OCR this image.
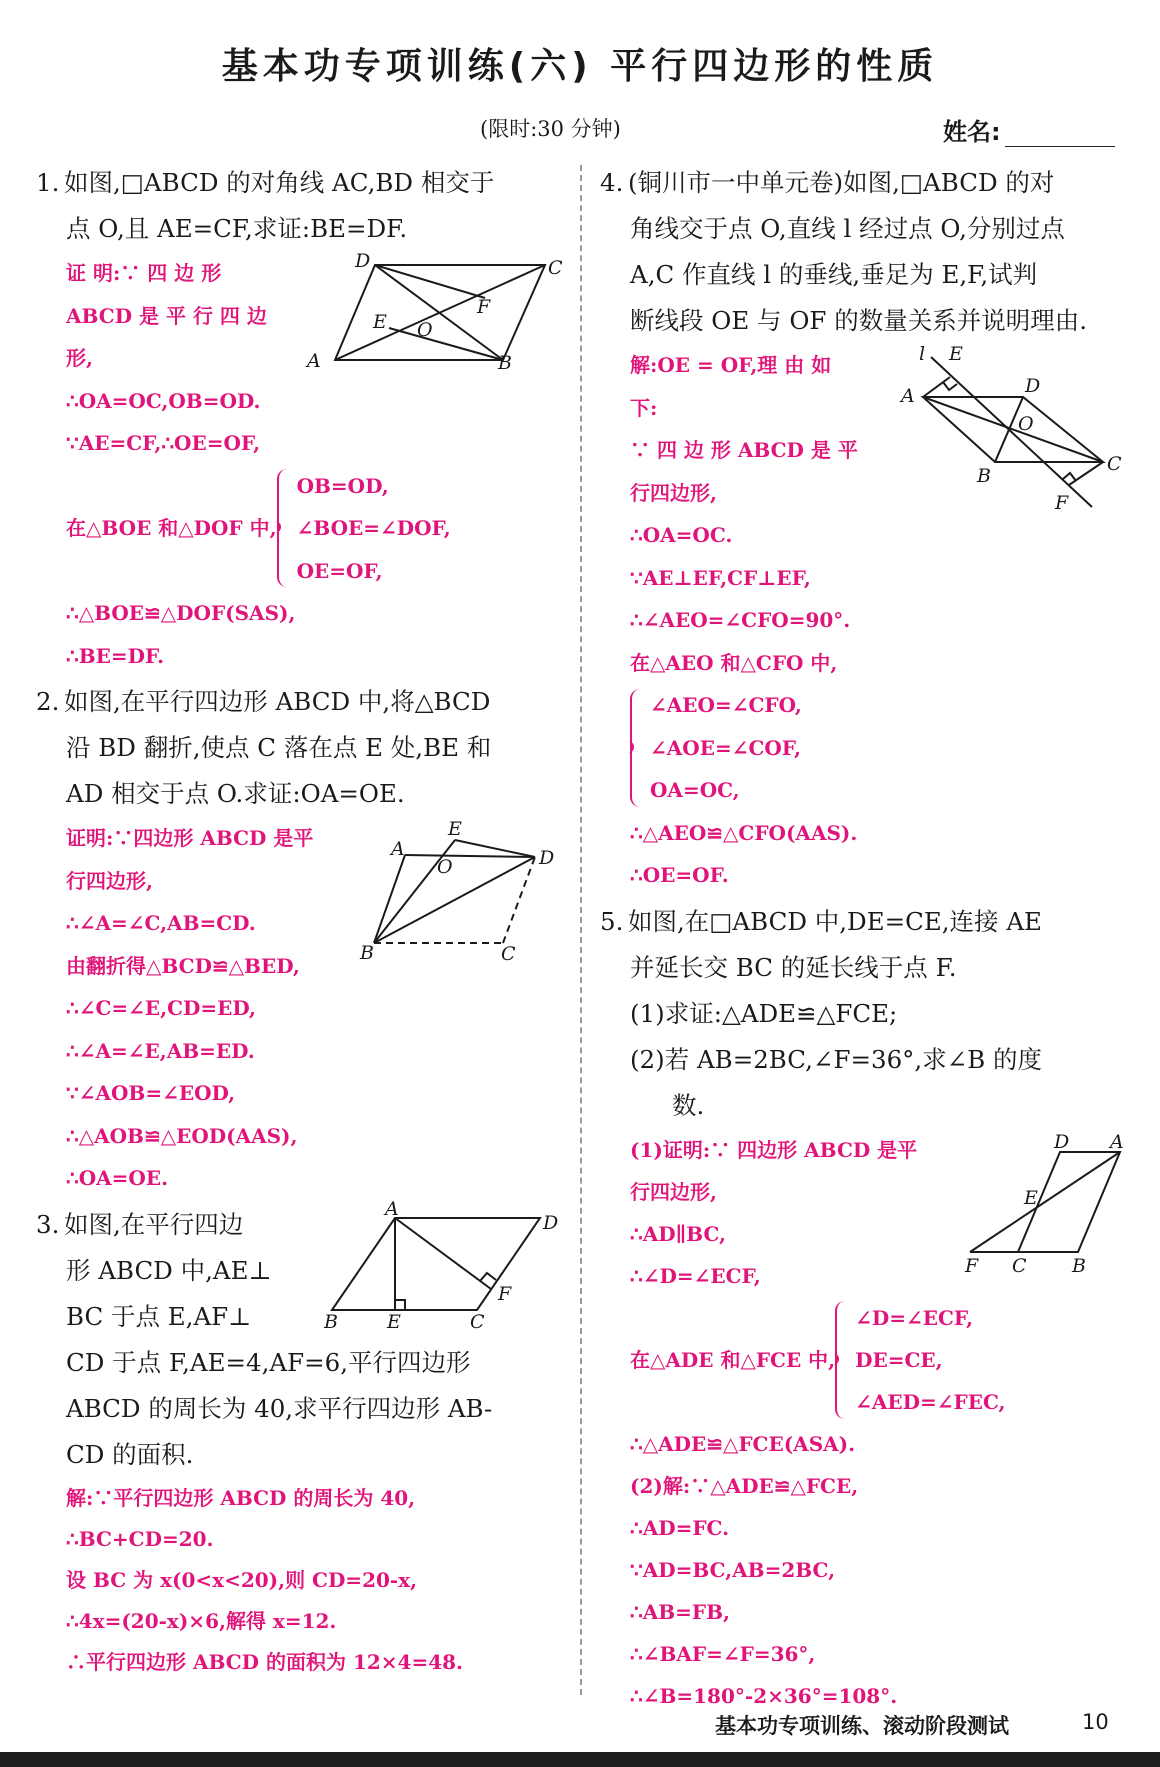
基本功专项训练(六) 平行四边形的性质
(限时:30 分钟)	姓名:
1. 如图,□ABCD 的对角线 AC,BD 相交于
点 O,且 AE=CF,求证:BE=DF.
证 明:∵ 四 边 形
ABCD 是 平 行 四 边
形,
∴OA=OC,OB=OD.
∵AE=CF,∴OE=OF,
在△BOE 和△DOF 中,
OB=OD,
∠BOE=∠DOF,
OE=OF,
∴△BOE≌△DOF(SAS),
∴BE=DF.
2. 如图,在平行四边形 ABCD 中,将△BCD
沿 BD 翻折,使点 C 落在点 E 处,BE 和
AD 相交于点 O.求证:OA=OE.
证明:∵四边形 ABCD 是平
行四边形,
∴∠A=∠C,AB=CD.
由翻折得△BCD≌△BED,
∴∠C=∠E,CD=ED,
∴∠A=∠E,AB=ED.
∵∠AOB=∠EOD,
∴△AOB≌△EOD(AAS),
∴OA=OE.
3. 如图,在平行四边
形 ABCD 中,AE⊥
BC 于点 E,AF⊥
CD 于点 F,AE=4,AF=6,平行四边形
ABCD 的周长为 40,求平行四边形 AB-
CD 的面积.
解:∵平行四边形 ABCD 的周长为 40,
∴BC+CD=20.
设 BC 为 x(0<x<20),则 CD=20-x,
∴4x=(20-x)×6,解得 x=12.
∴平行四边形 ABCD 的面积为 12×4=48.
4. (铜川市一中单元卷)如图,□ABCD 的对
角线交于点 O,直线 l 经过点 O,分别过点
A,C 作直线 l 的垂线,垂足为 E,F,试判
断线段 OE 与 OF 的数量关系并说明理由.
解:OE = OF,理 由 如
下:
∵ 四 边 形 ABCD 是 平
行四边形,
∴OA=OC.
∵AE⊥EF,CF⊥EF,
∴∠AEO=∠CFO=90°.
在△AEO 和△CFO 中,
∠AEO=∠CFO,
∠AOE=∠COF,
OA=OC,
∴△AEO≌△CFO(AAS).
∴OE=OF.
5. 如图,在□ABCD 中,DE=CE,连接 AE
并延长交 BC 的延长线于点 F.
(1)求证:△ADE≌△FCE;
(2)若 AB=2BC,∠F=36°,求∠B 的度
数.
(1)证明:∵ 四边形 ABCD 是平
行四边形,
∴AD∥BC,
∴∠D=∠ECF,
在△ADE 和△FCE 中,
∠D=∠ECF,
DE=CE,
∠AED=∠FEC,
∴△ADE≌△FCE(ASA).
(2)解:∵△ADE≌△FCE,
∴AD=FC.
∵AD=BC,AB=2BC,
∴AB=FB,
∴∠BAF=∠F=36°,
∴∠B=180°-2×36°=108°.
D	C
F
E O
A	B
E
A
O	D
B	C
A
D
F
B	E	C
l E
A	D
O
B
C
F
D A
E
F C B
基本功专项训练、滚动阶段测试	10
